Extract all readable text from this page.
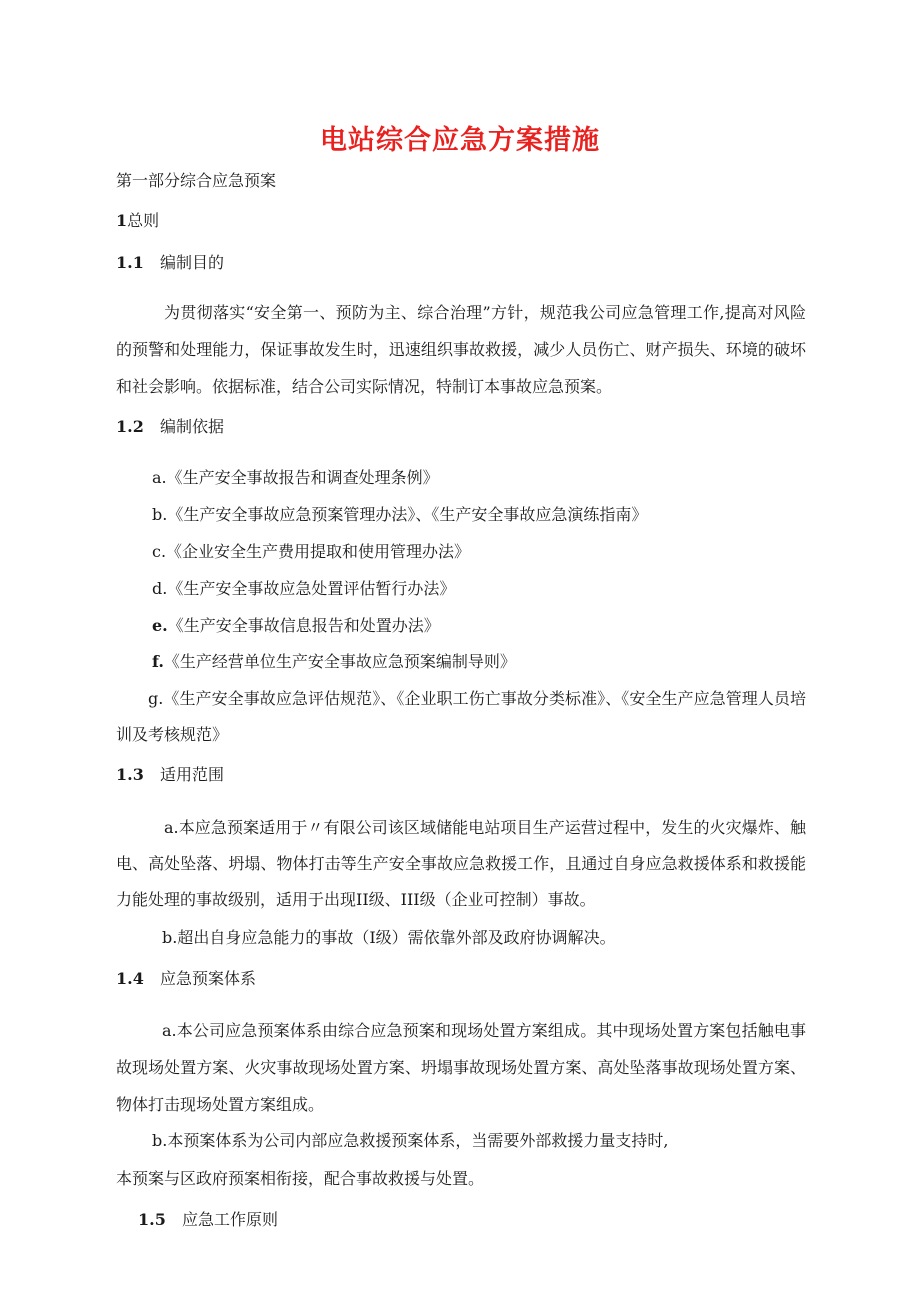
电站综合应急方案措施
第一部分综合应急预案
1总则
1.1 编制目的
为贯彻落实“安全第一、预防为主、综合治理”方针，规范我公司应急管理工作,提高对风险的预警和处理能力，保证事故发生时，迅速组织事故救援，减少人员伤亡、财产损失、环境的破坏和社会影响。依据标准，结合公司实际情况，特制订本事故应急预案。
1.2 编制依据
a.《生产安全事故报告和调查处理条例》
b.《生产安全事故应急预案管理办法》、《生产安全事故应急演练指南》
c.《企业安全生产费用提取和使用管理办法》
d.《生产安全事故应急处置评估暂行办法》
e.《生产安全事故信息报告和处置办法》
f.《生产经营单位生产安全事故应急预案编制导则》
g.《生产安全事故应急评估规范》、《企业职工伤亡事故分类标准》、《安全生产应急管理人员培训及考核规范》
1.3 适用范围
a.本应急预案适用于〃有限公司该区域储能电站项目生产运营过程中，发生的火灾爆炸、触电、高处坠落、坍塌、物体打击等生产安全事故应急救援工作，且通过自身应急救援体系和救援能力能处理的事故级别，适用于出现II级、III级（企业可控制）事故。
b.超出自身应急能力的事故（I级）需依靠外部及政府协调解决。
1.4 应急预案体系
a.本公司应急预案体系由综合应急预案和现场处置方案组成。其中现场处置方案包括触电事故现场处置方案、火灾事故现场处置方案、坍塌事故现场处置方案、高处坠落事故现场处置方案、物体打击现场处置方案组成。
b.本预案体系为公司内部应急救援预案体系，当需要外部救援力量支持时,
本预案与区政府预案相衔接，配合事故救援与处置。
1.5 应急工作原则
